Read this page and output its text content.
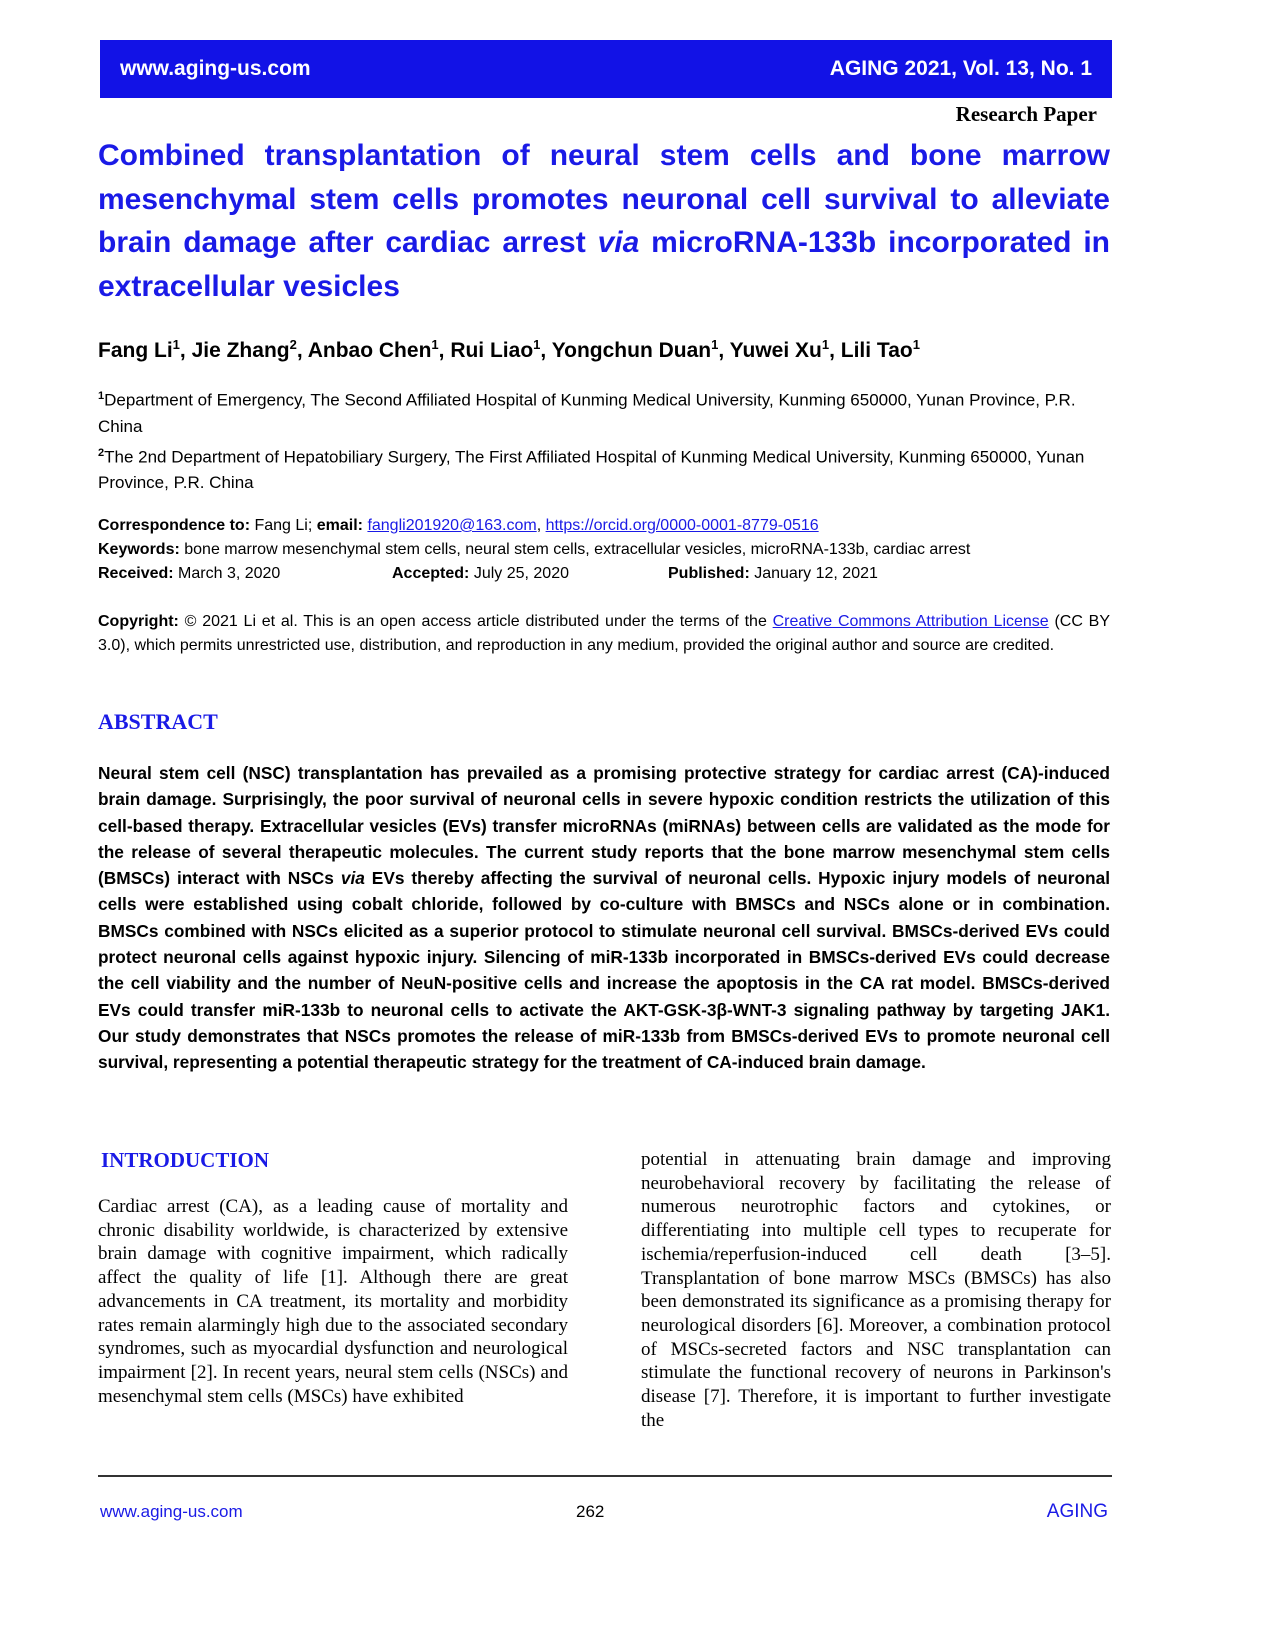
www.aging-us.com	AGING 2021, Vol. 13, No. 1
Research Paper
Combined transplantation of neural stem cells and bone marrow mesenchymal stem cells promotes neuronal cell survival to alleviate brain damage after cardiac arrest via microRNA-133b incorporated in extracellular vesicles
Fang Li$^1$, Jie Zhang$^2$, Anbao Chen$^1$, Rui Liao$^1$, Yongchun Duan$^1$, Yuwei Xu$^1$, Lili Tao$^1$
$^1$Department of Emergency, The Second Affiliated Hospital of Kunming Medical University, Kunming 650000, Yunan Province, P.R. China
$^2$The 2nd Department of Hepatobiliary Surgery, The First Affiliated Hospital of Kunming Medical University, Kunming 650000, Yunan Province, P.R. China
Correspondence to: Fang Li; email: fangli201920@163.com, https://orcid.org/0000-0001-8779-0516
Keywords: bone marrow mesenchymal stem cells, neural stem cells, extracellular vesicles, microRNA-133b, cardiac arrest
Received: March 3, 2020	Accepted: July 25, 2020	Published: January 12, 2021
Copyright: © 2021 Li et al. This is an open access article distributed under the terms of the Creative Commons Attribution License (CC BY 3.0), which permits unrestricted use, distribution, and reproduction in any medium, provided the original author and source are credited.
ABSTRACT

Neural stem cell (NSC) transplantation has prevailed as a promising protective strategy for cardiac arrest (CA)-induced brain damage. Surprisingly, the poor survival of neuronal cells in severe hypoxic condition restricts the utilization of this cell-based therapy. Extracellular vesicles (EVs) transfer microRNAs (miRNAs) between cells are validated as the mode for the release of several therapeutic molecules. The current study reports that the bone marrow mesenchymal stem cells (BMSCs) interact with NSCs via EVs thereby affecting the survival of neuronal cells. Hypoxic injury models of neuronal cells were established using cobalt chloride, followed by co-culture with BMSCs and NSCs alone or in combination. BMSCs combined with NSCs elicited as a superior protocol to stimulate neuronal cell survival. BMSCs-derived EVs could protect neuronal cells against hypoxic injury. Silencing of miR-133b incorporated in BMSCs-derived EVs could decrease the cell viability and the number of NeuN-positive cells and increase the apoptosis in the CA rat model. BMSCs-derived EVs could transfer miR-133b to neuronal cells to activate the AKT-GSK-3β-WNT-3 signaling pathway by targeting JAK1. Our study demonstrates that NSCs promotes the release of miR-133b from BMSCs-derived EVs to promote neuronal cell survival, representing a potential therapeutic strategy for the treatment of CA-induced brain damage.

INTRODUCTION

Cardiac arrest (CA), as a leading cause of mortality and chronic disability worldwide, is characterized by extensive brain damage with cognitive impairment, which radically affect the quality of life [1]. Although there are great advancements in CA treatment, its mortality and morbidity rates remain alarmingly high due to the associated secondary syndromes, such as myocardial dysfunction and neurological impairment [2]. In recent years, neural stem cells (NSCs) and mesenchymal stem cells (MSCs) have exhibited

potential in attenuating brain damage and improving neurobehavioral recovery by facilitating the release of numerous neurotrophic factors and cytokines, or differentiating into multiple cell types to recuperate for ischemia/reperfusion-induced cell death [3–5]. Transplantation of bone marrow MSCs (BMSCs) has also been demonstrated its significance as a promising therapy for neurological disorders [6]. Moreover, a combination protocol of MSCs-secreted factors and NSC transplantation can stimulate the functional recovery of neurons in Parkinson's disease [7]. Therefore, it is important to further investigate the

www.aging-us.com	262	AGING
